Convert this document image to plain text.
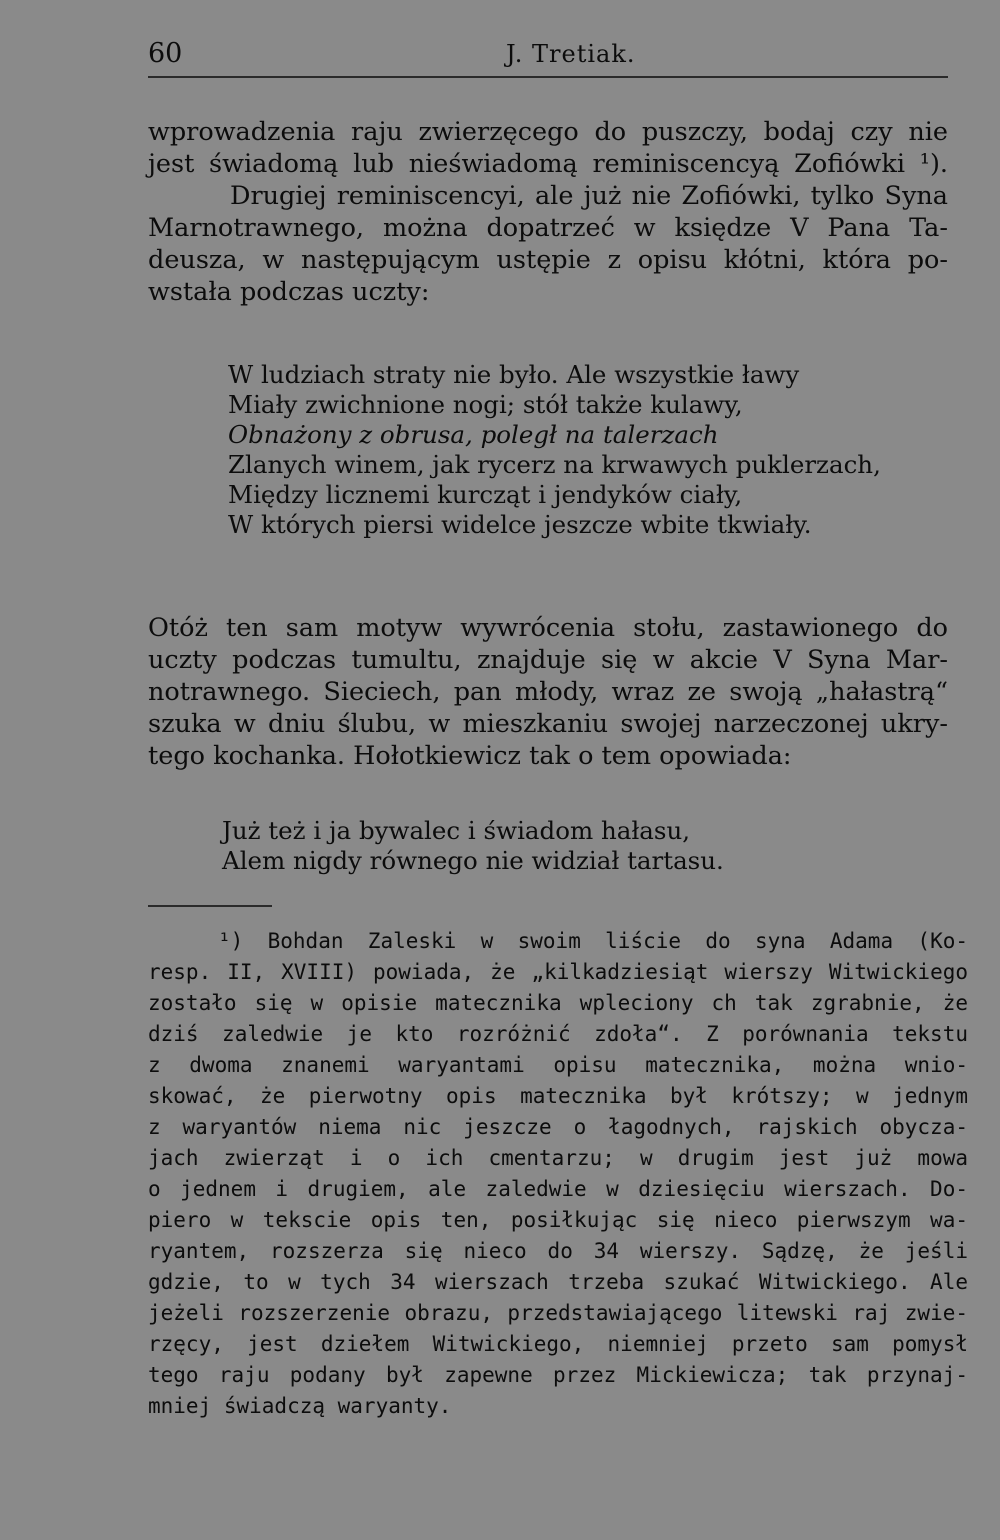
60	J. Tretiak.
wprowadzenia raju zwierzęcego do puszczy, bodaj czy nie
jest świadomą lub nieświadomą reminiscencyą Zofiówki ¹).
Drugiej reminiscencyi, ale już nie Zofiówki, tylko Syna
Marnotrawnego, można dopatrzeć w księdze V Pana Ta-
deusza, w następującym ustępie z opisu kłótni, która po-
wstała podczas uczty:
W ludziach straty nie było. Ale wszystkie ławy
Miały zwichnione nogi; stół także kulawy,
Obnażony z obrusa, poległ na talerzach
Zlanych winem, jak rycerz na krwawych puklerzach,
Między licznemi kurcząt i jendyków ciały,
W których piersi widelce jeszcze wbite tkwiały.
Otóż ten sam motyw wywrócenia stołu, zastawionego do
uczty podczas tumultu, znajduje się w akcie V Syna Mar-
notrawnego. Sieciech, pan młody, wraz ze swoją „hałastrą“
szuka w dniu ślubu, w mieszkaniu swojej narzeczonej ukry-
tego kochanka. Hołotkiewicz tak o tem opowiada:
Już też i ja bywalec i świadom hałasu,
Alem nigdy równego nie widział tartasu.
¹) Bohdan Zaleski w swoim liście do syna Adama (Ko-
resp. II, XVIII) powiada, że „kilkadziesiąt wierszy Witwickiego
zostało się w opisie matecznika wpleciony ch tak zgrabnie, że
dziś zaledwie je kto rozróżnić zdoła“. Z porównania tekstu
z dwoma znanemi waryantami opisu matecznika, można wnio-
skować, że pierwotny opis matecznika był krótszy; w jednym
z waryantów niema nic jeszcze o łagodnych, rajskich obycza-
jach zwierząt i o ich cmentarzu; w drugim jest już mowa
o jednem i drugiem, ale zaledwie w dziesięciu wierszach. Do-
piero w tekscie opis ten, posiłkując się nieco pierwszym wa-
ryantem, rozszerza się nieco do 34 wierszy. Sądzę, że jeśli
gdzie, to w tych 34 wierszach trzeba szukać Witwickiego. Ale
jeżeli rozszerzenie obrazu, przedstawiającego litewski raj zwie-
rzęcy, jest dziełem Witwickiego, niemniej przeto sam pomysł
tego raju podany był zapewne przez Mickiewicza; tak przynaj-
mniej świadczą waryanty.
